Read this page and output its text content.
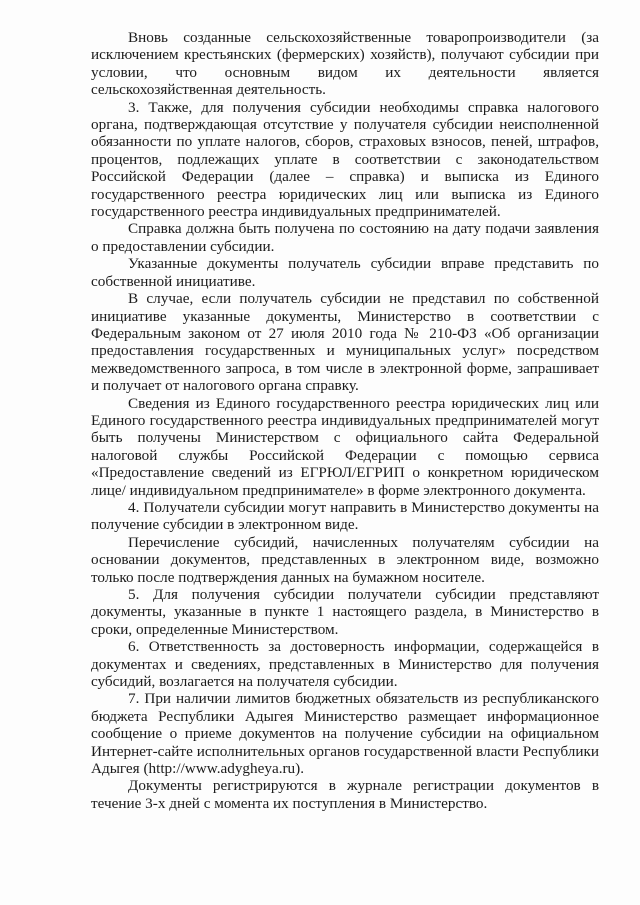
Вновь созданные сельскохозяйственные товаропроизводители (за исключением крестьянских (фермерских) хозяйств), получают субсидии при условии, что основным видом их деятельности является сельскохозяйственная деятельность.

3. Также, для получения субсидии необходимы справка налогового органа, подтверждающая отсутствие у получателя субсидии неисполненной обязанности по уплате налогов, сборов, страховых взносов, пеней, штрафов, процентов, подлежащих уплате в соответствии с законодательством Российской Федерации (далее – справка) и выписка из Единого государственного реестра юридических лиц или выписка из Единого государственного реестра индивидуальных предпринимателей.

Справка должна быть получена по состоянию на дату подачи заявления о предоставлении субсидии.

Указанные документы получатель субсидии вправе представить по собственной инициативе.

В случае, если получатель субсидии не представил по собственной инициативе указанные документы, Министерство в соответствии с Федеральным законом от 27 июля 2010 года № 210-ФЗ «Об организации предоставления государственных и муниципальных услуг» посредством межведомственного запроса, в том числе в электронной форме, запрашивает и получает от налогового органа справку.

Сведения из Единого государственного реестра юридических лиц или Единого государственного реестра индивидуальных предпринимателей могут быть получены Министерством с официального сайта Федеральной налоговой службы Российской Федерации с помощью сервиса «Предоставление сведений из ЕГРЮЛ/ЕГРИП о конкретном юридическом лице/ индивидуальном предпринимателе» в форме электронного документа.

4. Получатели субсидии могут направить в Министерство документы на получение субсидии в электронном виде.

Перечисление субсидий, начисленных получателям субсидии на основании документов, представленных в электронном виде, возможно только после подтверждения данных на бумажном носителе.

5. Для получения субсидии получатели субсидии представляют документы, указанные в пункте 1 настоящего раздела, в Министерство в сроки, определенные Министерством.

6. Ответственность за достоверность информации, содержащейся в документах и сведениях, представленных в Министерство для получения субсидий, возлагается на получателя субсидии.

7. При наличии лимитов бюджетных обязательств из республиканского бюджета Республики Адыгея Министерство размещает информационное сообщение о приеме документов на получение субсидии на официальном Интернет-сайте исполнительных органов государственной власти Республики Адыгея (http://www.adygheya.ru).

Документы регистрируются в журнале регистрации документов в течение 3-х дней с момента их поступления в Министерство.
